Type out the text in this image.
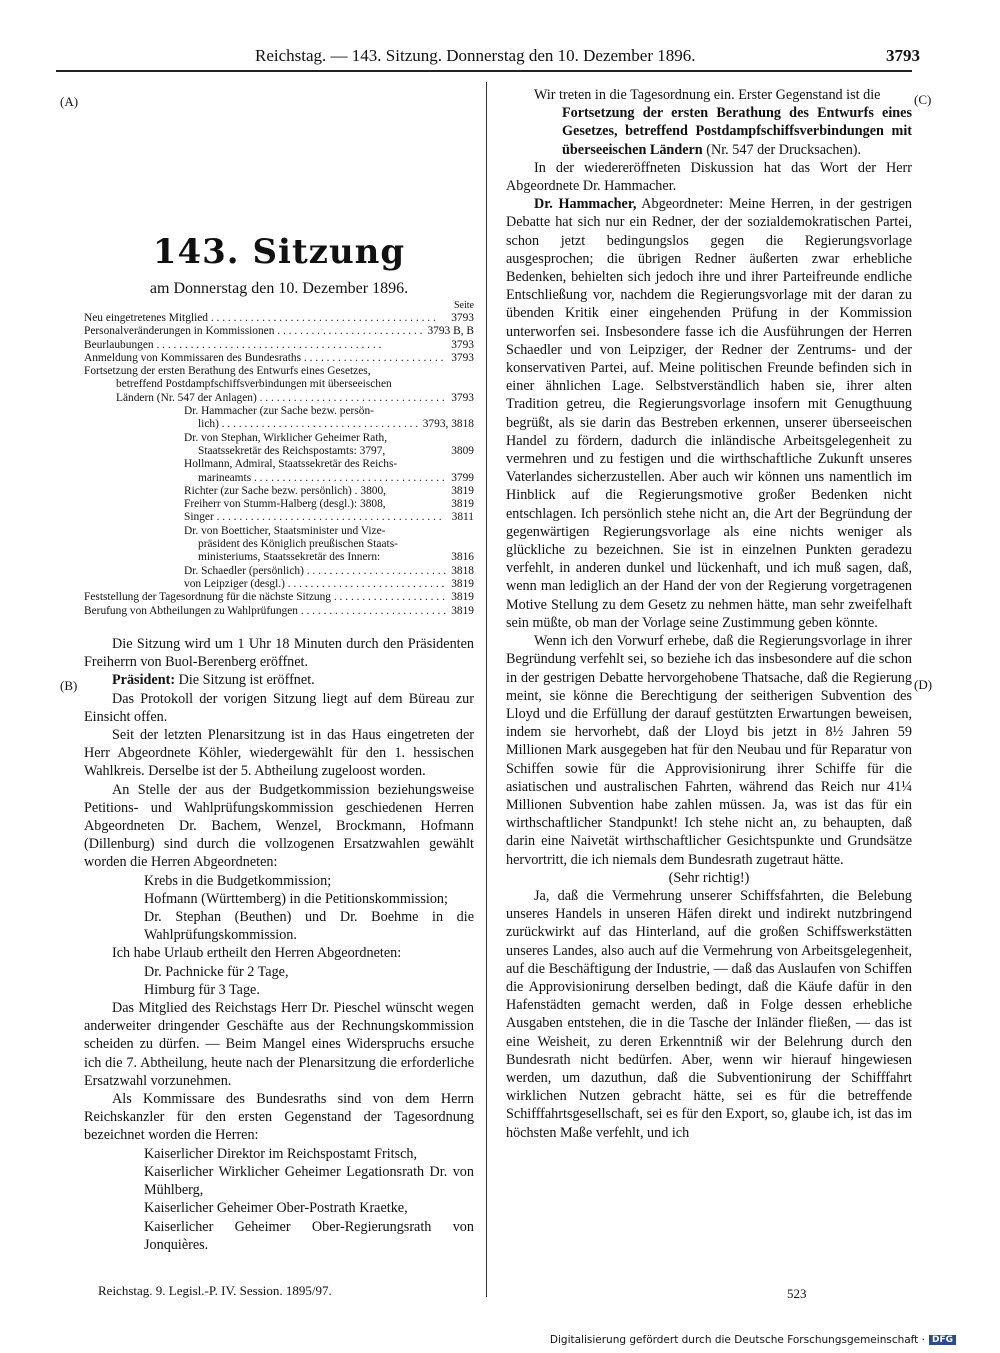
Reichstag. — 143. Sitzung. Donnerstag den 10. Dezember 1896.	3793
(A)
(B)
(C)
(D)
143. Sitzung
am Donnerstag den 10. Dezember 1896.
Seite
Neu eingetretenes Mitglied . . .	3793
Personalveränderungen in Kommissionen . . .	3793 B, B
Beurlaubungen . . .	3793
Anmeldung von Kommissaren des Bundesraths . . .	3793
Fortsetzung der ersten Berathung des Entwurfs eines Gesetzes,
betreffend Postdampfschiffsverbindungen mit überseeischen
Ländern (Nr. 547 der Anlagen) . . .	3793
Dr. Hammacher (zur Sache bezw. persön-
lich) . . .	3793, 3818
Dr. von Stephan, Wirklicher Geheimer Rath,
Staatssekretär des Reichspostamts: 3797,	3809
Hollmann, Admiral, Staatssekretär des Reichs-
marineamts . . .	3799
Richter (zur Sache bezw. persönlich) . 3800,	3819
Freiherr von Stumm-Halberg (desgl.): 3808,	3819
Singer . . .	3811
Dr. von Boetticher, Staatsminister und Vize-
präsident des Königlich preußischen Staats-
ministeriums, Staatssekretär des Innern:	3816
Dr. Schaedler (persönlich) . . .	3818
von Leipziger (desgl.) . . .	3819
Feststellung der Tagesordnung für die nächste Sitzung . . .	3819
Berufung von Abtheilungen zu Wahlprüfungen . . .	3819

Die Sitzung wird um 1 Uhr 18 Minuten durch den Präsidenten Freiherrn von Buol-Berenberg eröffnet.

Präsident: Die Sitzung ist eröffnet.

Das Protokoll der vorigen Sitzung liegt auf dem Büreau zur Einsicht offen.

Seit der letzten Plenarsitzung ist in das Haus eingetreten der Herr Abgeordnete Köhler, wiedergewählt für den 1. hessischen Wahlkreis. Derselbe ist der 5. Abtheilung zugeloost worden.

An Stelle der aus der Budgetkommission beziehungsweise Petitions- und Wahlprüfungskommission geschiedenen Herren Abgeordneten Dr. Bachem, Wenzel, Brockmann, Hofmann (Dillenburg) sind durch die vollzogenen Ersatzwahlen gewählt worden die Herren Abgeordneten:

Krebs in die Budgetkommission;

Hofmann (Württemberg) in die Petitionskommission;

Dr. Stephan (Beuthen) und Dr. Boehme in die Wahlprüfungskommission.

Ich habe Urlaub ertheilt den Herren Abgeordneten:

Dr. Pachnicke für 2 Tage,

Himburg für 3 Tage.

Das Mitglied des Reichstags Herr Dr. Pieschel wünscht wegen anderweiter dringender Geschäfte aus der Rechnungskommission scheiden zu dürfen. — Beim Mangel eines Widerspruchs ersuche ich die 7. Abtheilung, heute nach der Plenarsitzung die erforderliche Ersatzwahl vorzunehmen.

Als Kommissare des Bundesraths sind von dem Herrn Reichskanzler für den ersten Gegenstand der Tagesordnung bezeichnet worden die Herren:

Kaiserlicher Direktor im Reichspostamt Fritsch,

Kaiserlicher Wirklicher Geheimer Legationsrath Dr. von Mühlberg,

Kaiserlicher Geheimer Ober-Postrath Kraetke,

Kaiserlicher Geheimer Ober-Regierungsrath von Jonquières.

Wir treten in die Tagesordnung ein. Erster Gegenstand ist die

Fortsetzung der ersten Berathung des Entwurfs eines Gesetzes, betreffend Postdampfschiffsverbindungen mit überseeischen Ländern (Nr. 547 der Drucksachen).

In der wiedereröffneten Diskussion hat das Wort der Herr Abgeordnete Dr. Hammacher.

Dr. Hammacher, Abgeordneter: Meine Herren, in der gestrigen Debatte hat sich nur ein Redner, der der sozialdemokratischen Partei, schon jetzt bedingungslos gegen die Regierungsvorlage ausgesprochen; die übrigen Redner äußerten zwar erhebliche Bedenken, behielten sich jedoch ihre und ihrer Parteifreunde endliche Entschließung vor, nachdem die Regierungsvorlage mit der daran zu übenden Kritik einer eingehenden Prüfung in der Kommission unterworfen sei. Insbesondere fasse ich die Ausführungen der Herren Schaedler und von Leipziger, der Redner der Zentrums- und der konservativen Partei, auf. Meine politischen Freunde befinden sich in einer ähnlichen Lage. Selbstverständlich haben sie, ihrer alten Tradition getreu, die Regierungsvorlage insofern mit Genugthuung begrüßt, als sie darin das Bestreben erkennen, unserer überseeischen Handel zu fördern, dadurch die inländische Arbeitsgelegenheit zu vermehren und zu festigen und die wirthschaftliche Zukunft unseres Vaterlandes sicherzustellen. Aber auch wir können uns namentlich im Hinblick auf die Regierungsmotive großer Bedenken nicht entschlagen. Ich persönlich stehe nicht an, die Art der Begründung der gegenwärtigen Regierungsvorlage als eine nichts weniger als glückliche zu bezeichnen. Sie ist in einzelnen Punkten geradezu verfehlt, in anderen dunkel und lückenhaft, und ich muß sagen, daß, wenn man lediglich an der Hand der von der Regierung vorgetragenen Motive Stellung zu dem Gesetz zu nehmen hätte, man sehr zweifelhaft sein müßte, ob man der Vorlage seine Zustimmung geben könnte.

Wenn ich den Vorwurf erhebe, daß die Regierungsvorlage in ihrer Begründung verfehlt sei, so beziehe ich das insbesondere auf die schon in der gestrigen Debatte hervorgehobene Thatsache, daß die Regierung meint, sie könne die Berechtigung der seitherigen Subvention des Lloyd und die Erfüllung der darauf gestützten Erwartungen beweisen, indem sie hervorhebt, daß der Lloyd bis jetzt in 8½ Jahren 59 Millionen Mark ausgegeben hat für den Neubau und für Reparatur von Schiffen sowie für die Approvisionirung ihrer Schiffe für die asiatischen und australischen Fahrten, während das Reich nur 41¼ Millionen Subvention habe zahlen müssen. Ja, was ist das für ein wirthschaftlicher Standpunkt! Ich stehe nicht an, zu behaupten, daß darin eine Naivetät wirthschaftlicher Gesichtspunkte und Grundsätze hervortritt, die ich niemals dem Bundesrath zugetraut hätte.

(Sehr richtig!)

Ja, daß die Vermehrung unserer Schiffsfahrten, die Belebung unseres Handels in unseren Häfen direkt und indirekt nutzbringend zurückwirkt auf das Hinterland, auf die großen Schiffswerkstätten unseres Landes, also auch auf die Vermehrung von Arbeitsgelegenheit, auf die Beschäftigung der Industrie, — daß das Auslaufen von Schiffen die Approvisionirung derselben bedingt, daß die Käufe dafür in den Hafenstädten gemacht werden, daß in Folge dessen erhebliche Ausgaben entstehen, die in die Tasche der Inländer fließen, — das ist eine Weisheit, zu deren Erkenntniß wir der Belehrung durch den Bundesrath nicht bedürfen. Aber, wenn wir hierauf hingewiesen werden, um dazuthun, daß die Subventionirung der Schifffahrt wirklichen Nutzen gebracht hätte, sei es für die betreffende Schifffahrtsgesellschaft, sei es für den Export, so, glaube ich, ist das im höchsten Maße verfehlt, und ich

Reichstag. 9. Legisl.-P. IV. Session. 1895/97.	523
Digitalisierung gefördert durch die Deutsche Forschungsgemeinschaft · DFG
